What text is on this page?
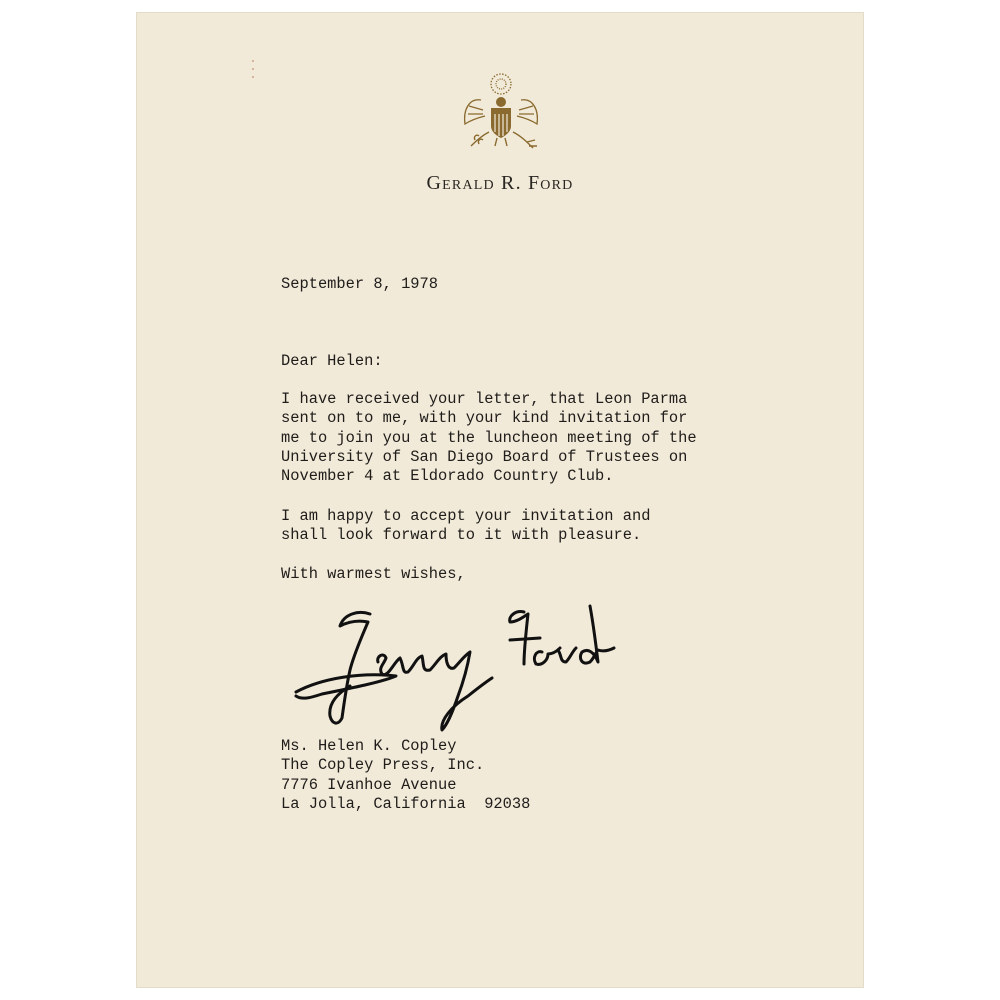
Gerald R. Ford
September 8, 1978
Dear Helen:
I have received your letter, that Leon Parma
sent on to me, with your kind invitation for
me to join you at the luncheon meeting of the
University of San Diego Board of Trustees on
November 4 at Eldorado Country Club.
I am happy to accept your invitation and
shall look forward to it with pleasure.
With warmest wishes,
Ms. Helen K. Copley
The Copley Press, Inc.
7776 Ivanhoe Avenue
La Jolla, California  92038
